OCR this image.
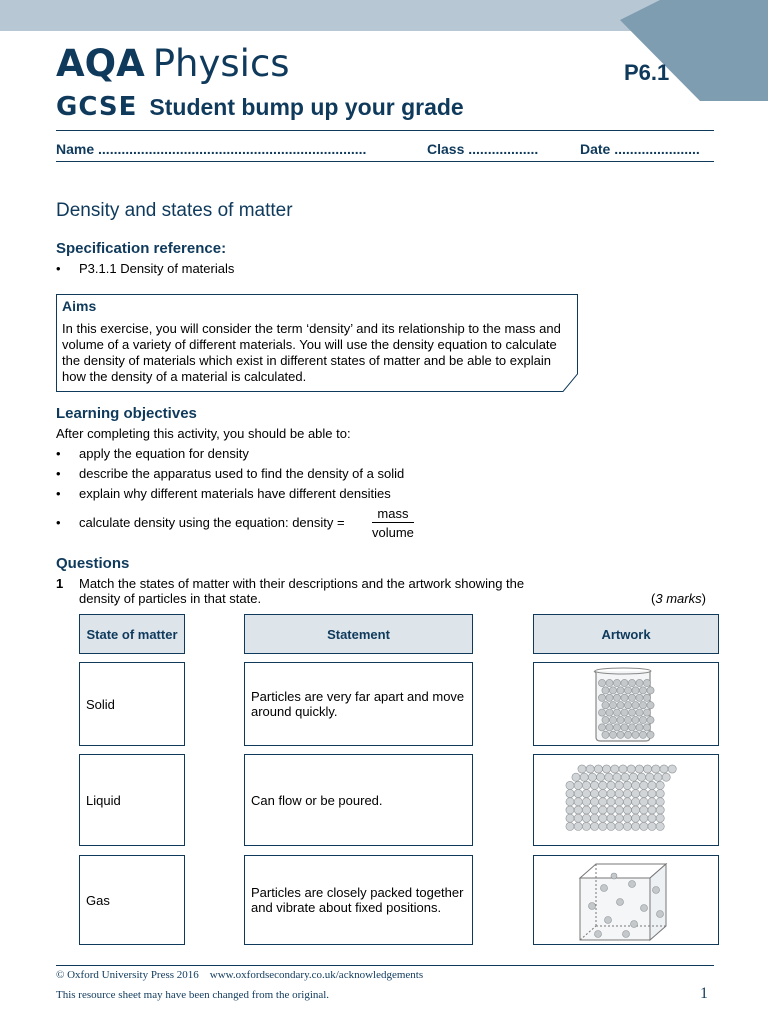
AQA Physics
GCSE Student bump up your grade
P6.1
Name .....................................................................	Class ..................	Date ......................
Density and states of matter
Specification reference:
P3.1.1 Density of materials
Aims
In this exercise, you will consider the term ‘density’ and its relationship to the mass and volume of a variety of different materials. You will use the density equation to calculate the density of materials which exist in different states of matter and be able to explain how the density of a material is calculated.
Learning objectives
After completing this activity, you should be able to:
apply the equation for density
describe the apparatus used to find the density of a solid
explain why different materials have different densities
calculate density using the equation: density =
mass
volume
Questions
1 Match the states of matter with their descriptions and the artwork showing the
density of particles in that state.	(3 marks)
State of matter	Statement	Artwork
Solid	Particles are very far apart and move around quickly.
Liquid	Can flow or be poured.
Gas	Particles are closely packed together and vibrate about fixed positions.
© Oxford University Press 2016 www.oxfordsecondary.co.uk/acknowledgements
This resource sheet may have been changed from the original.	1
